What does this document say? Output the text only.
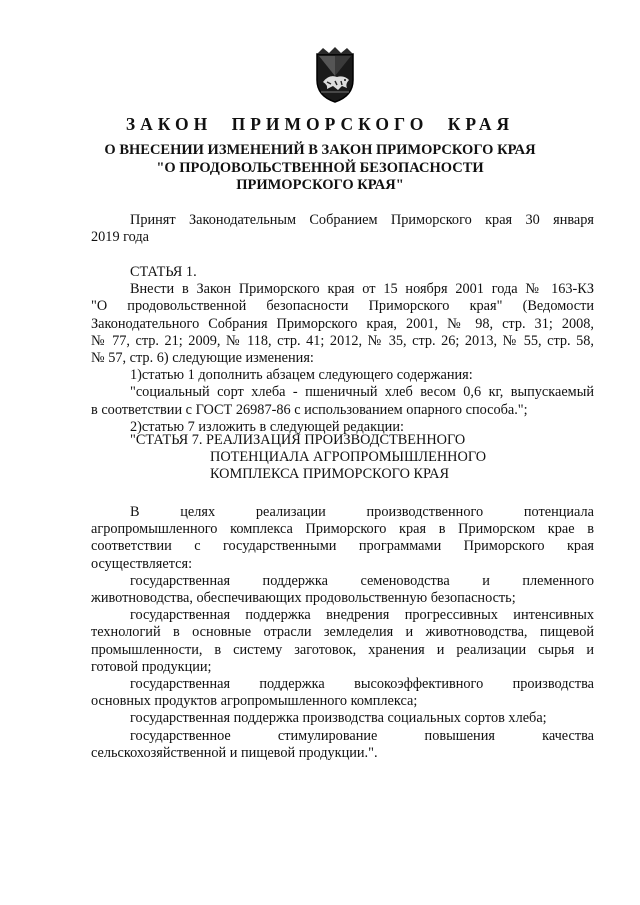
ЗАКОН ПРИМОРСКОГО КРАЯ
О ВНЕСЕНИИ ИЗМЕНЕНИЙ В ЗАКОН ПРИМОРСКОГО КРАЯ
"О ПРОДОВОЛЬСТВЕННОЙ БЕЗОПАСНОСТИ
ПРИМОРСКОГО КРАЯ"

Принят Законодательным Собранием Приморского края 30 января
2019 года

СТАТЬЯ 1.

Внести в Закон Приморского края от 15 ноября 2001 года № 163-КЗ
"О продовольственной безопасности Приморского края" (Ведомости
Законодательного Собрания Приморского края, 2001, № 98, стр. 31; 2008,
№ 77, стр. 21; 2009, № 118, стр. 41; 2012, № 35, стр. 26; 2013, № 55, стр. 58,
№ 57, стр. 6) следующие изменения:

1)статью 1 дополнить абзацем следующего содержания:

"социальный сорт хлеба - пшеничный хлеб весом 0,6 кг, выпускаемый
в соответствии с ГОСТ 26987-86 с использованием опарного способа.";

2)статью 7 изложить в следующей редакции:

"СТАТЬЯ 7. РЕАЛИЗАЦИЯ ПРОИЗВОДСТВЕННОГО
ПОТЕНЦИАЛА АГРОПРОМЫШЛЕННОГО
КОМПЛЕКСА ПРИМОРСКОГО КРАЯ

В целях реализации производственного потенциала
агропромышленного комплекса Приморского края в Приморском крае в
соответствии с государственными программами Приморского края
осуществляется:

государственная поддержка семеноводства и племенного
животноводства, обеспечивающих продовольственную безопасность;

государственная поддержка внедрения прогрессивных интенсивных
технологий в основные отрасли земледелия и животноводства, пищевой
промышленности, в систему заготовок, хранения и реализации сырья и
готовой продукции;

государственная поддержка высокоэффективного производства
основных продуктов агропромышленного комплекса;

государственная поддержка производства социальных сортов хлеба;

государственное стимулирование повышения качества
сельскохозяйственной и пищевой продукции.".
